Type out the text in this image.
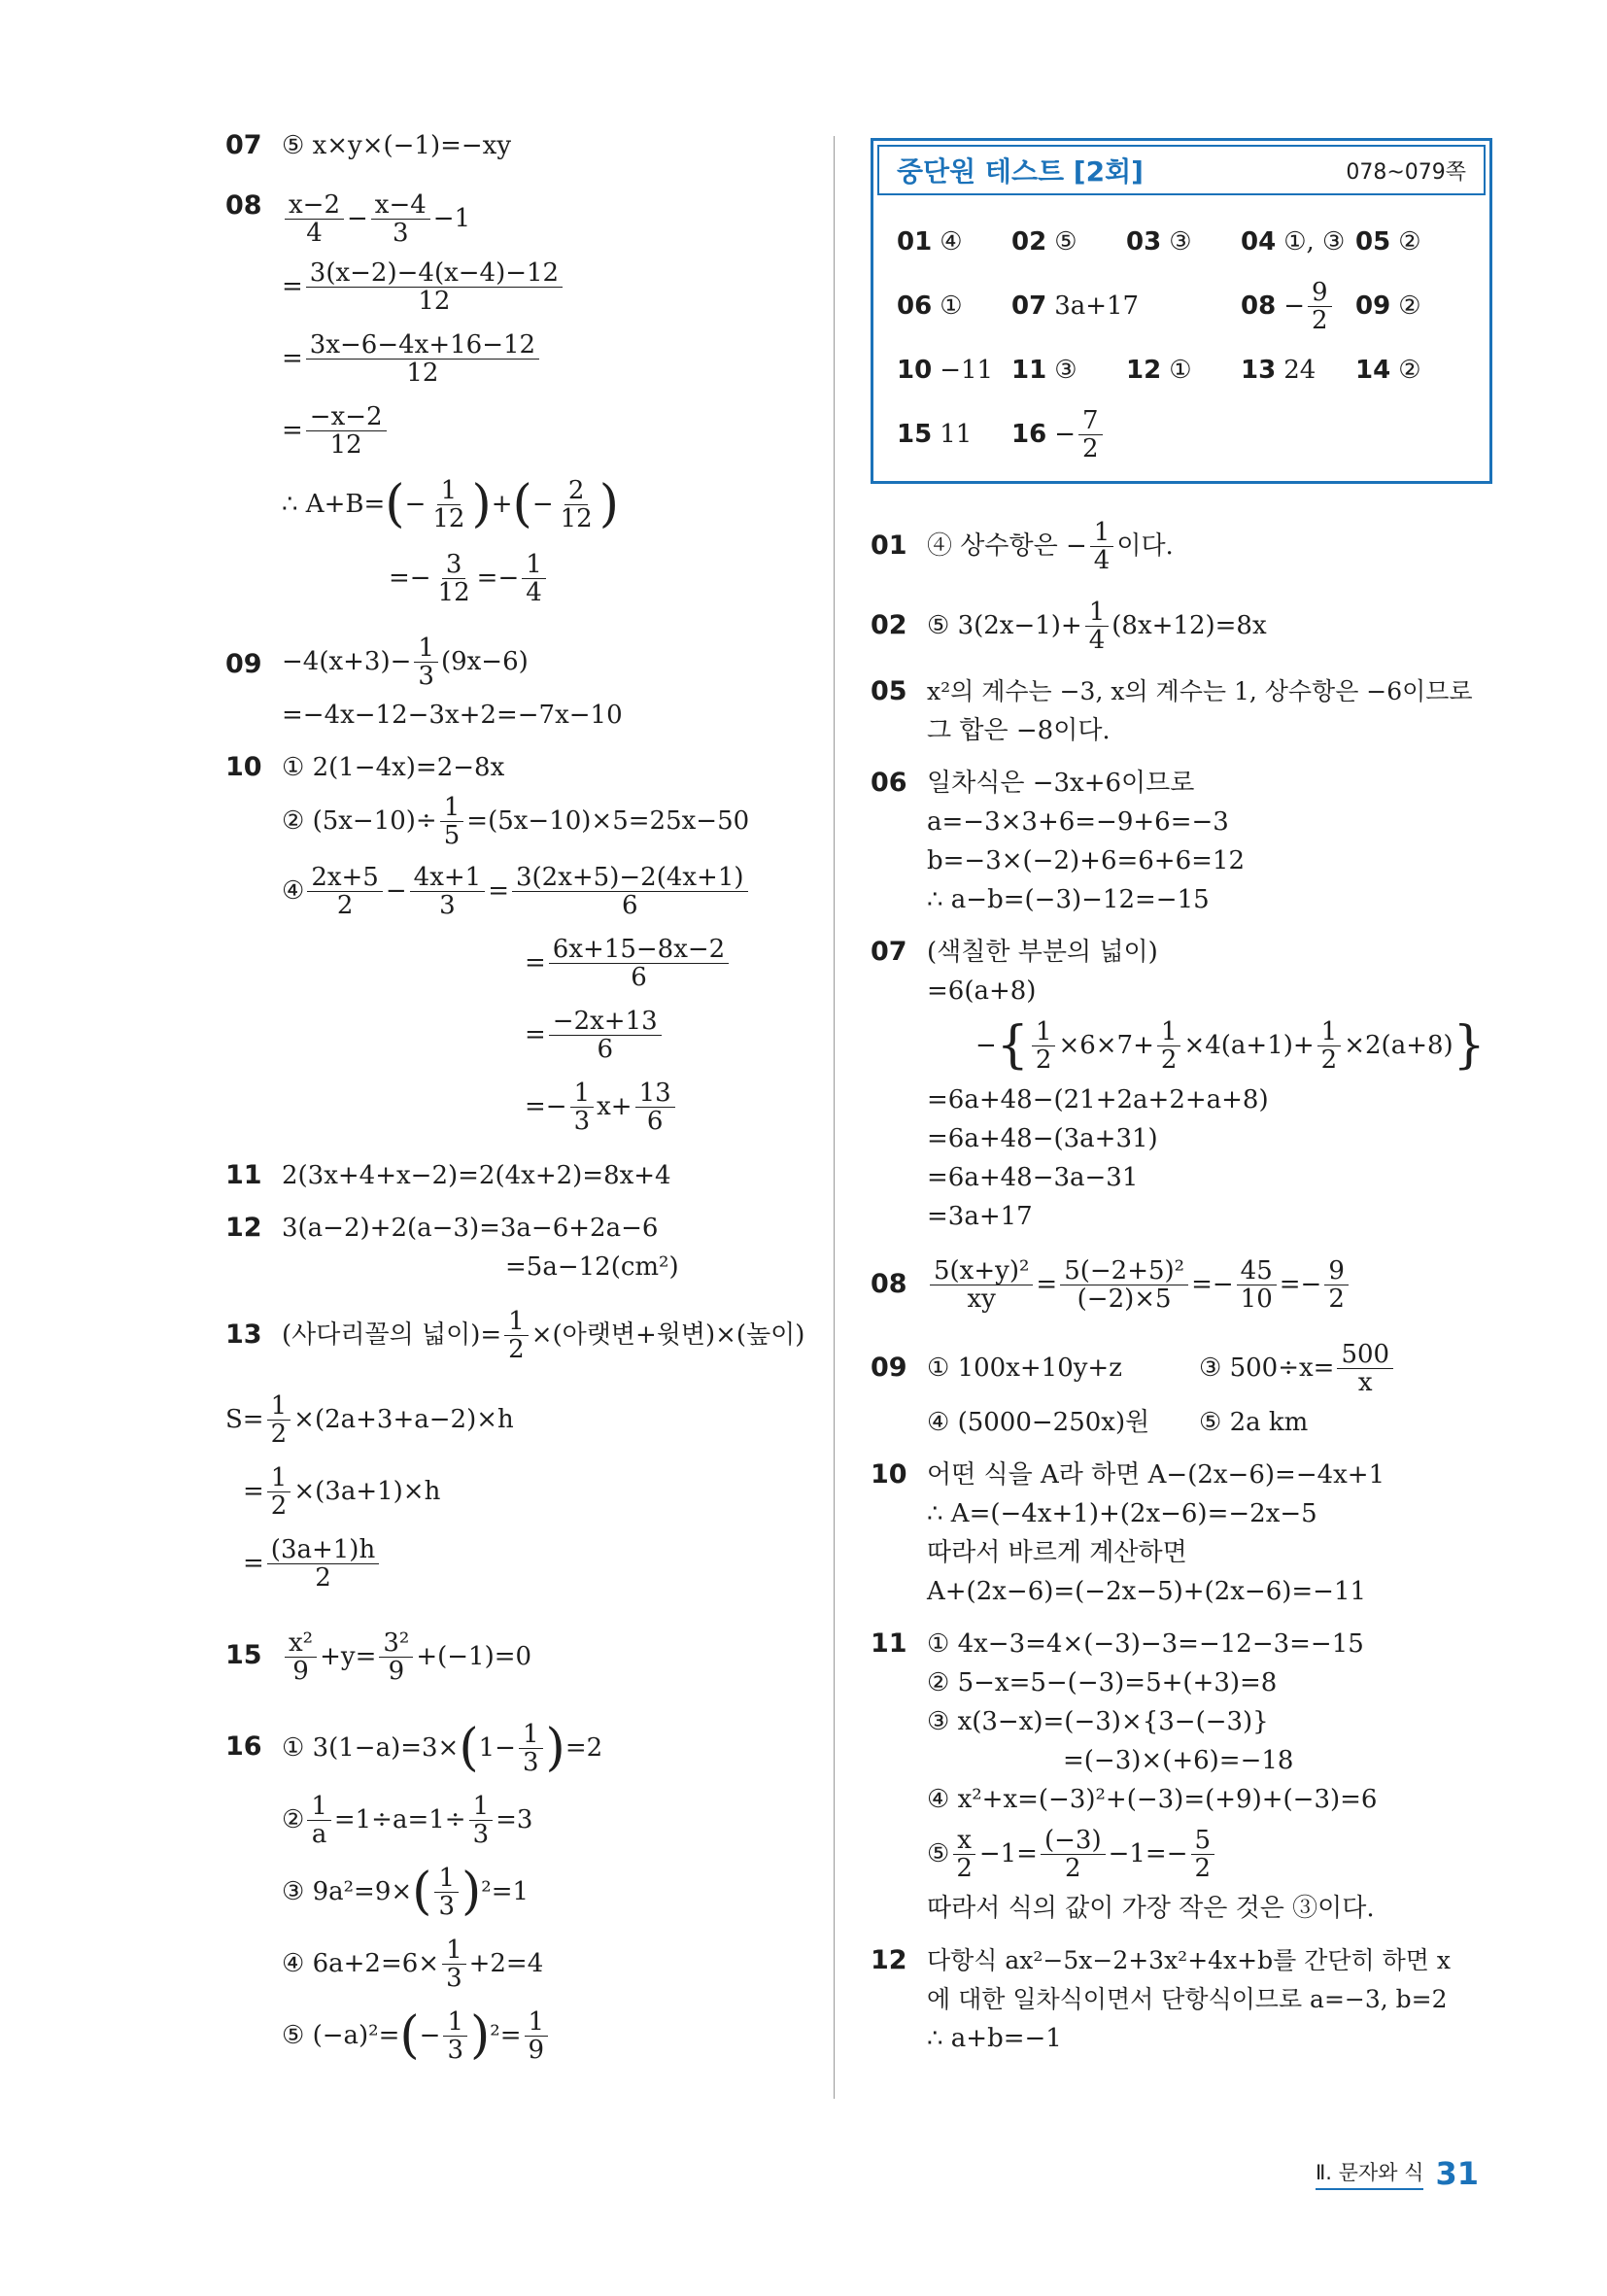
07 ⑤ x×y×(−1)=−xy
$08 \frac{x-2}{4} - \frac{x-4}{3} -1$
= $\frac{3(x-2)-4(x-4)-12}{12}$
= $\frac{3x-6-4x+16-12}{12}$
= $\frac{-x-2}{12}$
∴ A+B= ( − $\frac{1}{12}$ ) + ( − $\frac{2}{12}$ )
=− $\frac{3}{12} =- \frac{1}{4}$
$09 -4(x+3)- \frac{1}{3} (9x-6)$
=−4x−12−3x+2=−7x−10
10 ① 2(1−4x)=2−8x
② $(5x-10)\div \frac{1}{5} =(5x-10)\times 5=25x-50$
④ $\frac{2x+5}{2} - \frac{4x+1}{3} = \frac{3(2x+5)-2(4x+1)}{6}$
= $\frac{6x+15-8x-2}{6}$
= $\frac{-2x+13}{6}$
=− $\frac{1}{3} x+ \frac{13}{6}$
11 2(3x+4+x−2)=2(4x+2)=8x+4
12 3(a−2)+2(a−3)=3a−6+2a−6
=5a−12(cm²)
13 (사다리꼴의 넓이)= $\frac{1}{2}$ ×(아랫변+윗변)×(높이)
$S= \frac{1}{2} \times(2a+3+a-2)\times h$
= $\frac{1}{2} \times(3a+1)\times h$
= $\frac{(3a+1)h}{2}$
$15 \frac{\text{x²}}{9} +y= \frac{\text{3²}}{9} +(-1)=0$
16 ① 3(1−a)=3× ( $1- \frac{1}{3}$ ) =2
② $\frac{1}{a} =1\div a=1\div \frac{1}{3} =3$
③ 9a²=9× ( $\frac{1}{3}$ ) ²=1
④ $6a+2=6\times \frac{1}{3} +2=4$
⑤ (−a)²= ( − $\frac{1}{3}$ ) $^2= \frac{1}{9}$
중단원 테스트 [2회]	078~079쪽
01 ④ 02 ⑤ 03 ③ 04 ①, ③ 05 ②
06 ① 07 3a+17	$08 - \frac{9}{2} 09$ ②
10 −11 11 ③ 12 ① 13 24 14 ②
15 11 $16 - \frac{7}{2}$
01 ④ 상수항은 − $\frac{1}{4}$ 이다.
02 ⑤ $3(2x-1)+ \frac{1}{4} (8x+12)=8x$
05 x²의 계수는 −3, x의 계수는 1, 상수항은 −6이므로
그 합은 −8이다.
06 일차식은 −3x+6이므로
a=−3×3+6=−9+6=−3
b=−3×(−2)+6=6+6=12
∴ a−b=(−3)−12=−15
07 (색칠한 부분의 넓이)
=6(a+8)
− { $\frac{1}{2} \times 6\times 7+ \frac{1}{2} \times 4(a+1)+ \frac{1}{2} \times 2(a+8)$ }
=6a+48−(21+2a+2+a+8)
=6a+48−(3a+31)
=6a+48−3a−31
=3a+17
$08 \frac{\text{5(x+y)²}}{xy} = \frac{\text{5(−2+5)²}}{(-2)\times 5} =- \frac{45}{10} =- \frac{9}{2}$
09 ① 100x+10y+z	③ $500\div x= \frac{500}{x}$
④ (5000−250x)원	⑤ 2a km
10 어떤 식을 A라 하면 A−(2x−6)=−4x+1
∴ A=(−4x+1)+(2x−6)=−2x−5
따라서 바르게 계산하면
A+(2x−6)=(−2x−5)+(2x−6)=−11
11 ① 4x−3=4×(−3)−3=−12−3=−15
② 5−x=5−(−3)=5+(+3)=8
③ x(3−x)=(−3)×{3−(−3)}
=(−3)×(+6)=−18
④ x²+x=(−3)²+(−3)=(+9)+(−3)=6
⑤ $\frac{x}{2} -1= \frac{(-3)}{2} -1=- \frac{5}{2}$
따라서 식의 값이 가장 작은 것은 ③이다.
12 다항식 ax²−5x−2+3x²+4x+b를 간단히 하면 x
에 대한 일차식이면서 단항식이므로 a=−3, b=2
∴ a+b=−1
Ⅱ. 문자와 식 31
